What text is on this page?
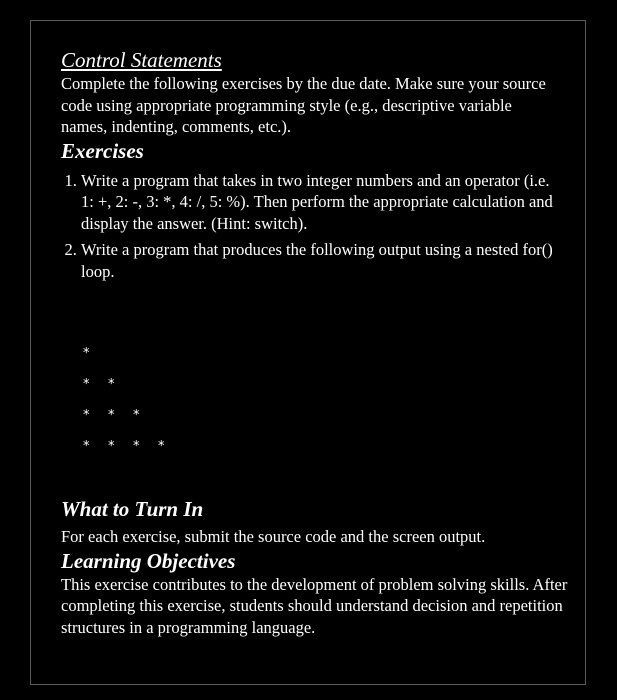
Control Statements

Complete the following exercises by the due date. Make sure your source code using appropriate programming style (e.g., descriptive variable names, indenting, comments, etc.).

Exercises
1. Write a program that takes in two integer numbers and an operator (i.e. 1: +, 2: -, 3: *, 4: /, 5: %). Then perform the appropriate calculation and display the answer. (Hint: switch).
2. Write a program that produces the following output using a nested for() loop.
*
* *
* * *
* * * *
What to Turn In

For each exercise, submit the source code and the screen output.

Learning Objectives

This exercise contributes to the development of problem solving skills. After completing this exercise, students should understand decision and repetition structures in a programming language.
